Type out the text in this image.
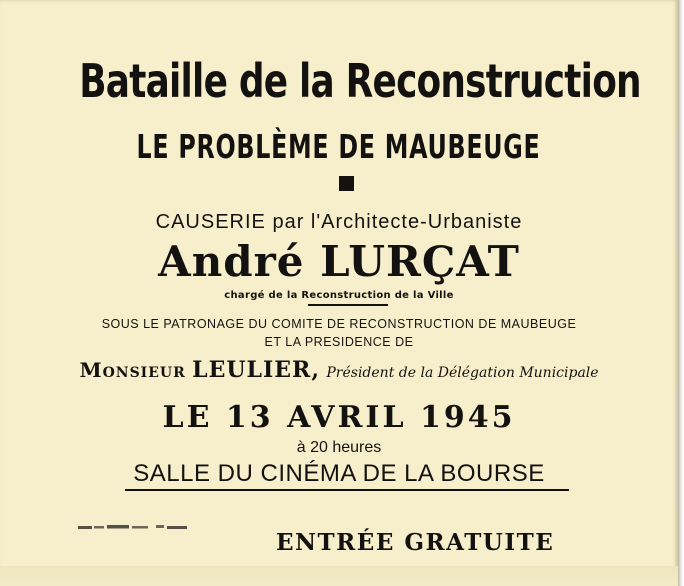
Bataille de la Reconstruction

LE PROBLÈME DE MAUBEUGE

CAUSERIE par l'Architecte-Urbaniste

André LURÇAT

chargé de la Reconstruction de la Ville

SOUS LE PATRONAGE DU COMITE DE RECONSTRUCTION DE MAUBEUGE

ET LA PRESIDENCE DE

Monsieur LEULIER, Président de la Délégation Municipale

LE 13 AVRIL 1945

à 20 heures

SALLE DU CINÉMA DE LA BOURSE

ENTRÉE GRATUITE
